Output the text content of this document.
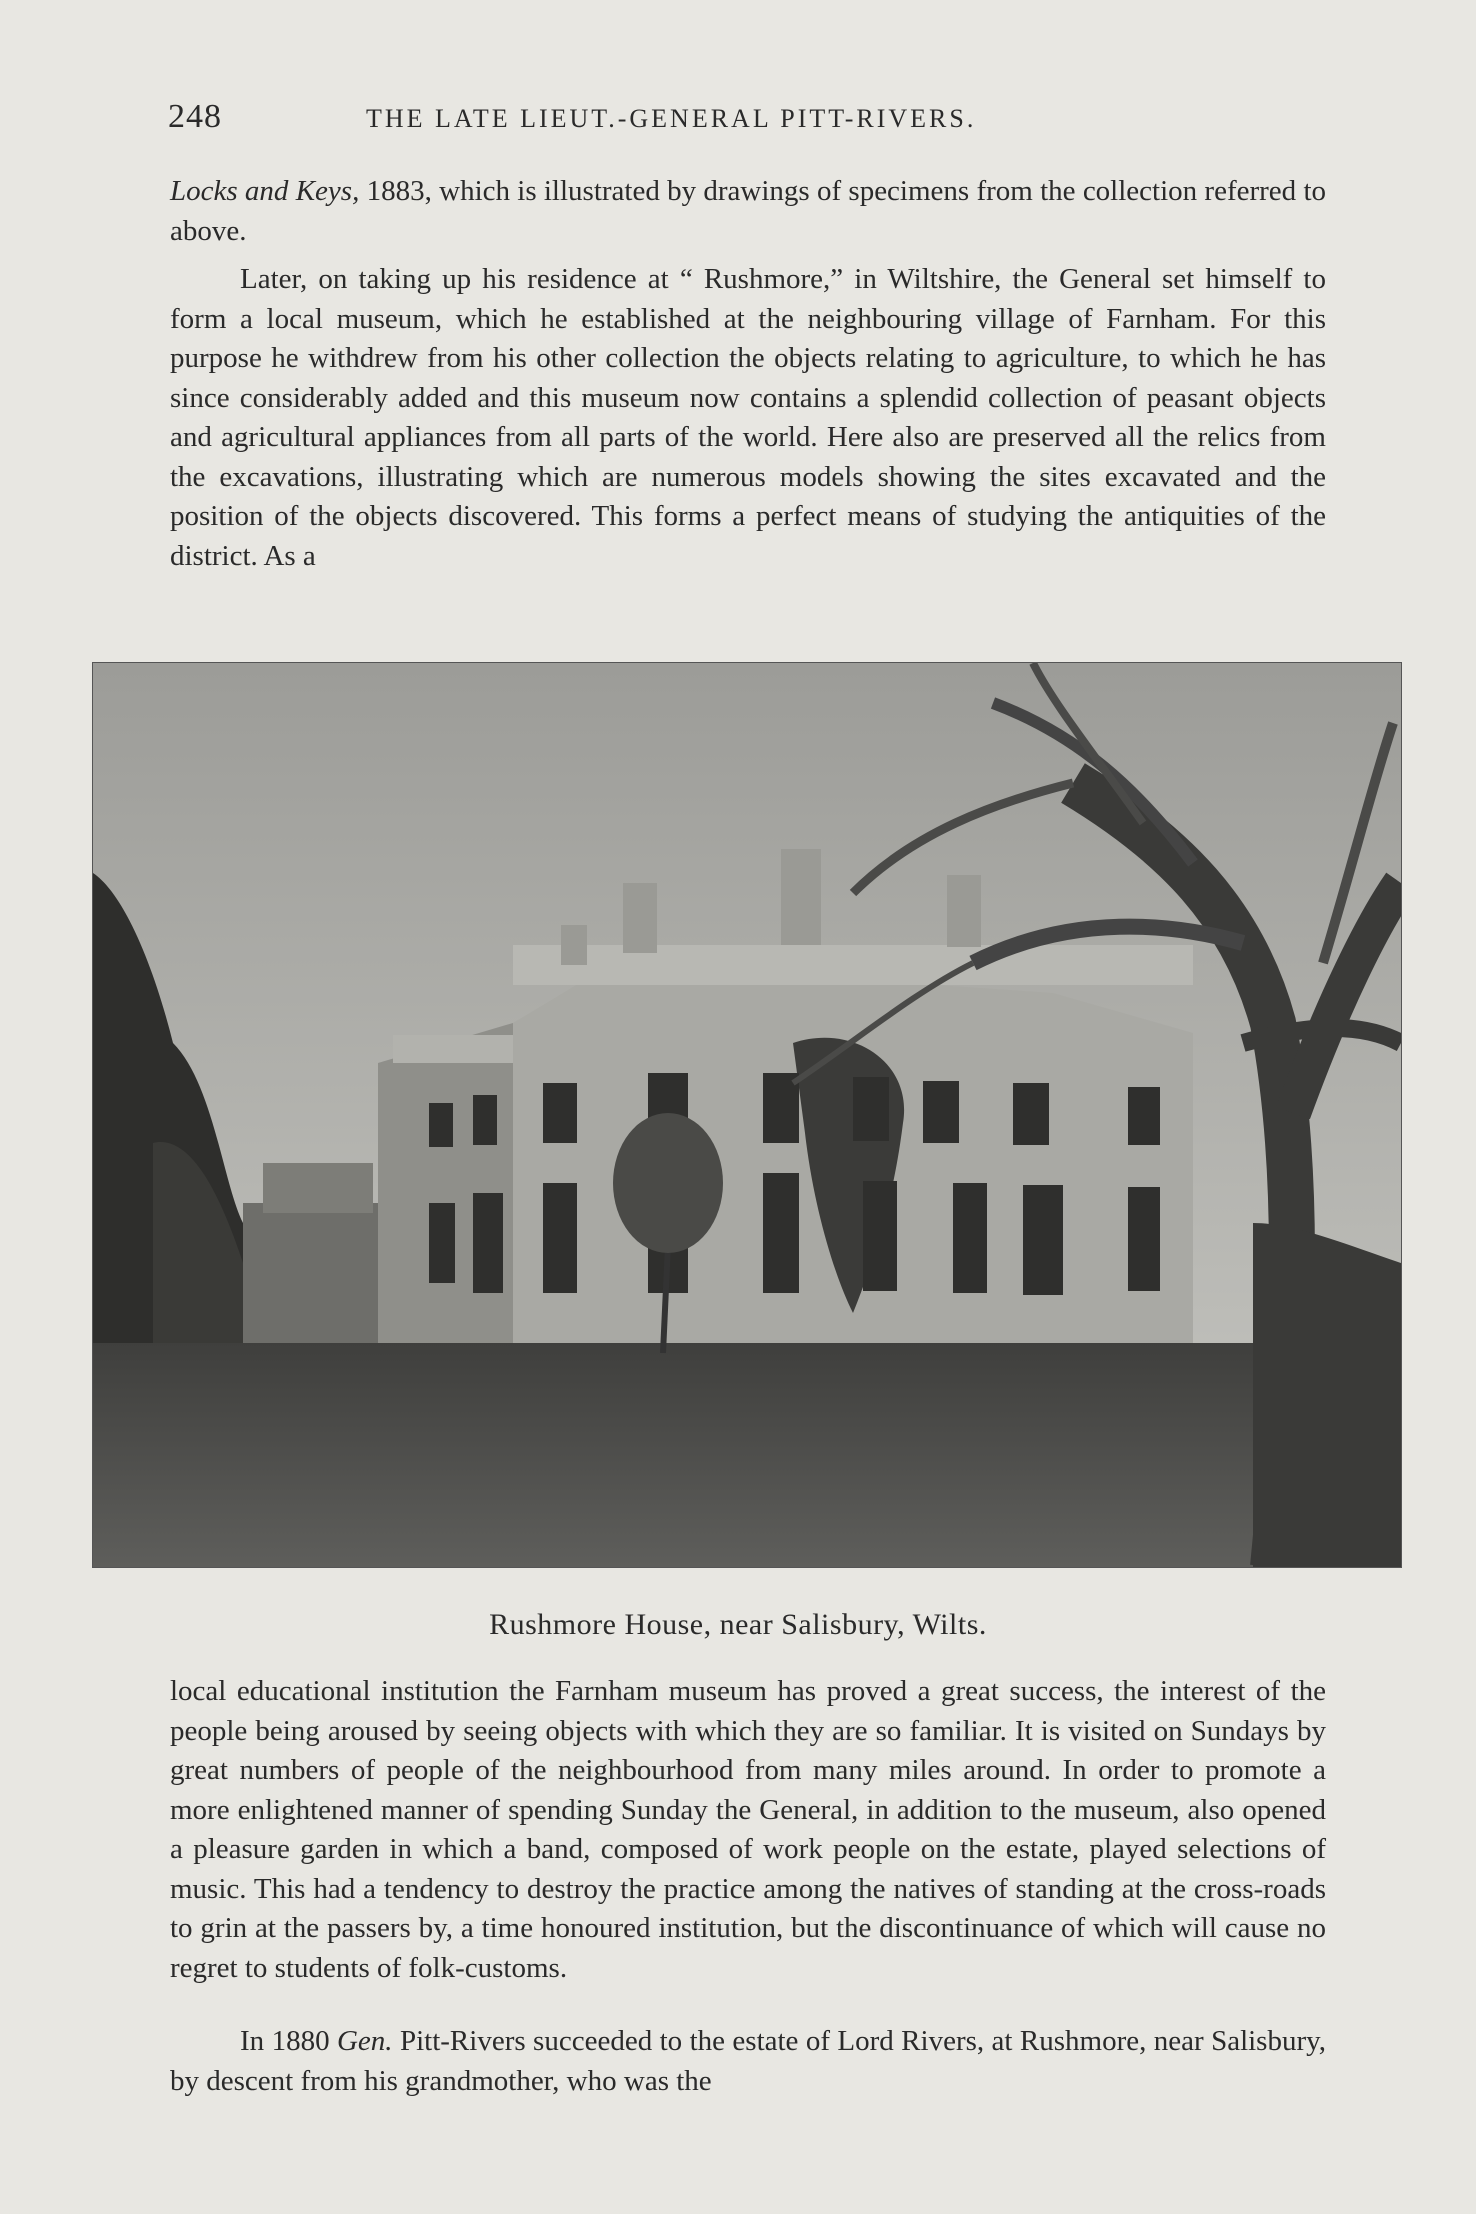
248	THE LATE LIEUT.-GENERAL PITT-RIVERS.

Locks and Keys, 1883, which is illustrated by drawings of specimens from the collection referred to above.

Later, on taking up his residence at “ Rushmore,” in Wiltshire, the General set himself to form a local museum, which he established at the neighbouring village of Farnham. For this purpose he withdrew from his other collection the objects relating to agriculture, to which he has since considerably added and this museum now contains a splendid collection of peasant objects and agricultural appliances from all parts of the world. Here also are preserved all the relics from the excavations, illustrating which are numerous models showing the sites excavated and the position of the objects discovered. This forms a perfect means of studying the antiquities of the district. As a

Rushmore House, near Salisbury, Wilts.

local educational institution the Farnham museum has proved a great success, the interest of the people being aroused by seeing objects with which they are so familiar. It is visited on Sundays by great numbers of people of the neighbourhood from many miles around. In order to promote a more enlightened manner of spending Sunday the General, in addition to the museum, also opened a pleasure garden in which a band, composed of work people on the estate, played selections of music. This had a tendency to destroy the practice among the natives of standing at the cross-roads to grin at the passers by, a time honoured institution, but the discontinuance of which will cause no regret to students of folk-customs.

In 1880 Gen. Pitt-Rivers succeeded to the estate of Lord Rivers, at Rushmore, near Salisbury, by descent from his grandmother, who was the
